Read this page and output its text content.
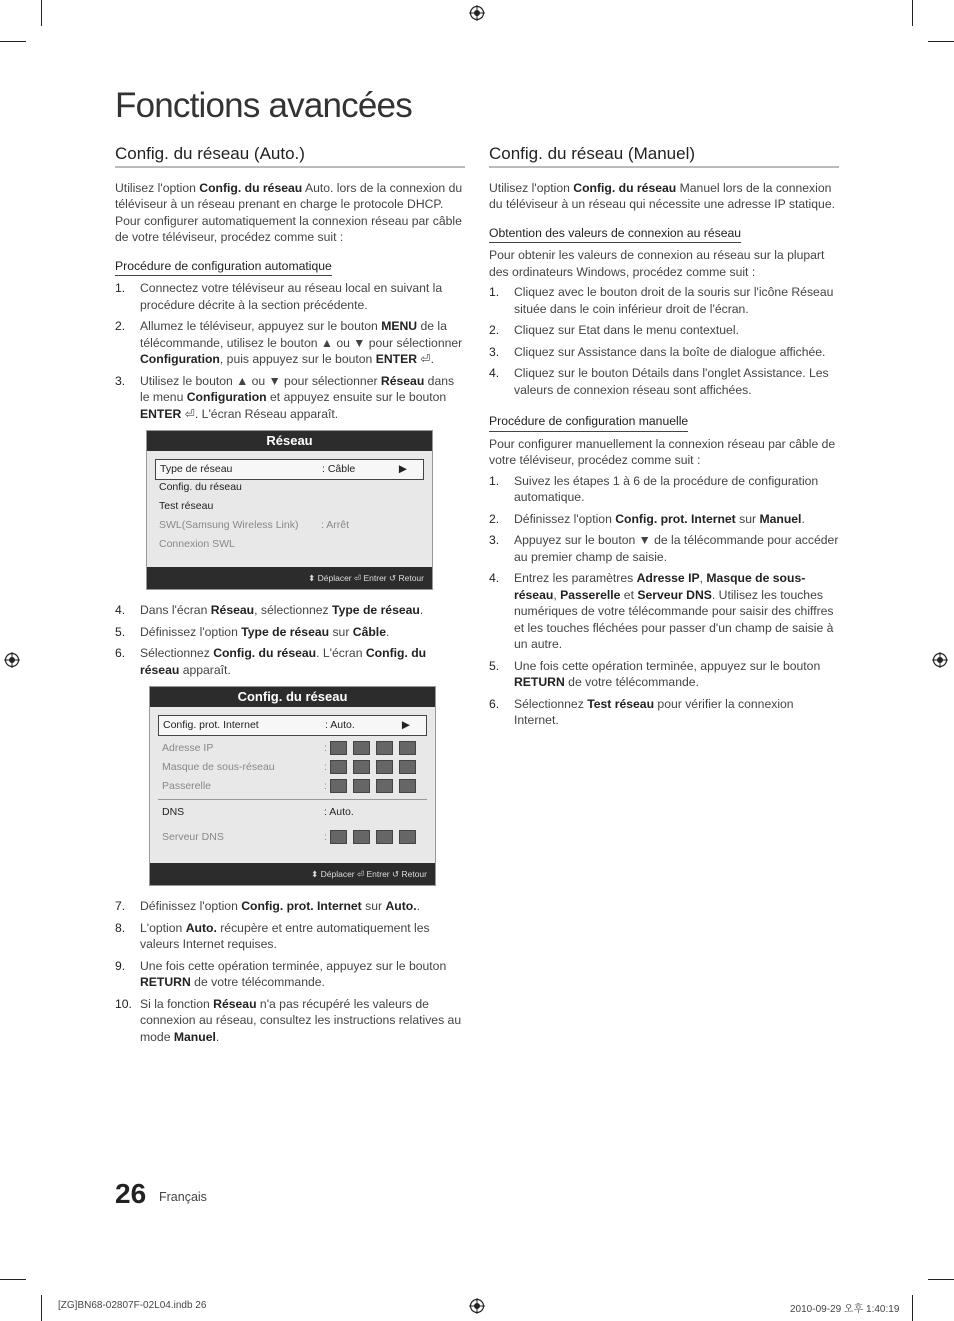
Fonctions avancées
Config. du réseau (Auto.)

Utilisez l'option Config. du réseau Auto. lors de la connexion du téléviseur à un réseau prenant en charge le protocole DHCP. Pour configurer automatiquement la connexion réseau par câble de votre téléviseur, procédez comme suit :

Procédure de configuration automatique
1. Connectez votre téléviseur au réseau local en suivant la procédure décrite à la section précédente.
2. Allumez le téléviseur, appuyez sur le bouton MENU de la télécommande, utilisez le bouton ▲ ou ▼ pour sélectionner Configuration, puis appuyez sur le bouton ENTER ⏎.
3. Utilisez le bouton ▲ ou ▼ pour sélectionner Réseau dans le menu Configuration et appuyez ensuite sur le bouton ENTER ⏎. L'écran Réseau apparaît.
Réseau
Type de réseau	: Câble	▶
Config. du réseau
Test réseau
SWL(Samsung Wireless Link) : Arrêt
Connexion SWL
⬍ Déplacer ⏎ Entrer ↺ Retour
4. Dans l'écran Réseau, sélectionnez Type de réseau.
5. Définissez l'option Type de réseau sur Câble.
6. Sélectionnez Config. du réseau. L'écran Config. du réseau apparaît.
Config. du réseau
Config. prot. Internet	: Auto.	▶
Adresse IP	:
Masque de sous-réseau	:
Passerelle	:
DNS	: Auto.
Serveur DNS	:
⬍ Déplacer ⏎ Entrer ↺ Retour
7. Définissez l'option Config. prot. Internet sur Auto..
8. L'option Auto. récupère et entre automatiquement les valeurs Internet requises.
9. Une fois cette opération terminée, appuyez sur le bouton RETURN de votre télécommande.
10. Si la fonction Réseau n'a pas récupéré les valeurs de connexion au réseau, consultez les instructions relatives au mode Manuel.
Config. du réseau (Manuel)

Utilisez l'option Config. du réseau Manuel lors de la connexion du téléviseur à un réseau qui nécessite une adresse IP statique.

Obtention des valeurs de connexion au réseau

Pour obtenir les valeurs de connexion au réseau sur la plupart des ordinateurs Windows, procédez comme suit :

1. Cliquez avec le bouton droit de la souris sur l'icône Réseau située dans le coin inférieur droit de l'écran.
2. Cliquez sur Etat dans le menu contextuel.
3. Cliquez sur Assistance dans la boîte de dialogue affichée.
4. Cliquez sur le bouton Détails dans l'onglet Assistance. Les valeurs de connexion réseau sont affichées.
Procédure de configuration manuelle

Pour configurer manuellement la connexion réseau par câble de votre téléviseur, procédez comme suit :

1. Suivez les étapes 1 à 6 de la procédure de configuration automatique.
2. Définissez l'option Config. prot. Internet sur Manuel.
3. Appuyez sur le bouton ▼ de la télécommande pour accéder au premier champ de saisie.
4. Entrez les paramètres Adresse IP, Masque de sous-réseau, Passerelle et Serveur DNS. Utilisez les touches numériques de votre télécommande pour saisir des chiffres et les touches fléchées pour passer d'un champ de saisie à un autre.
5. Une fois cette opération terminée, appuyez sur le bouton RETURN de votre télécommande.
6. Sélectionnez Test réseau pour vérifier la connexion Internet.
26 Français
[ZG]BN68-02807F-02L04.indb 26	2010-09-29 오후 1:40:19
